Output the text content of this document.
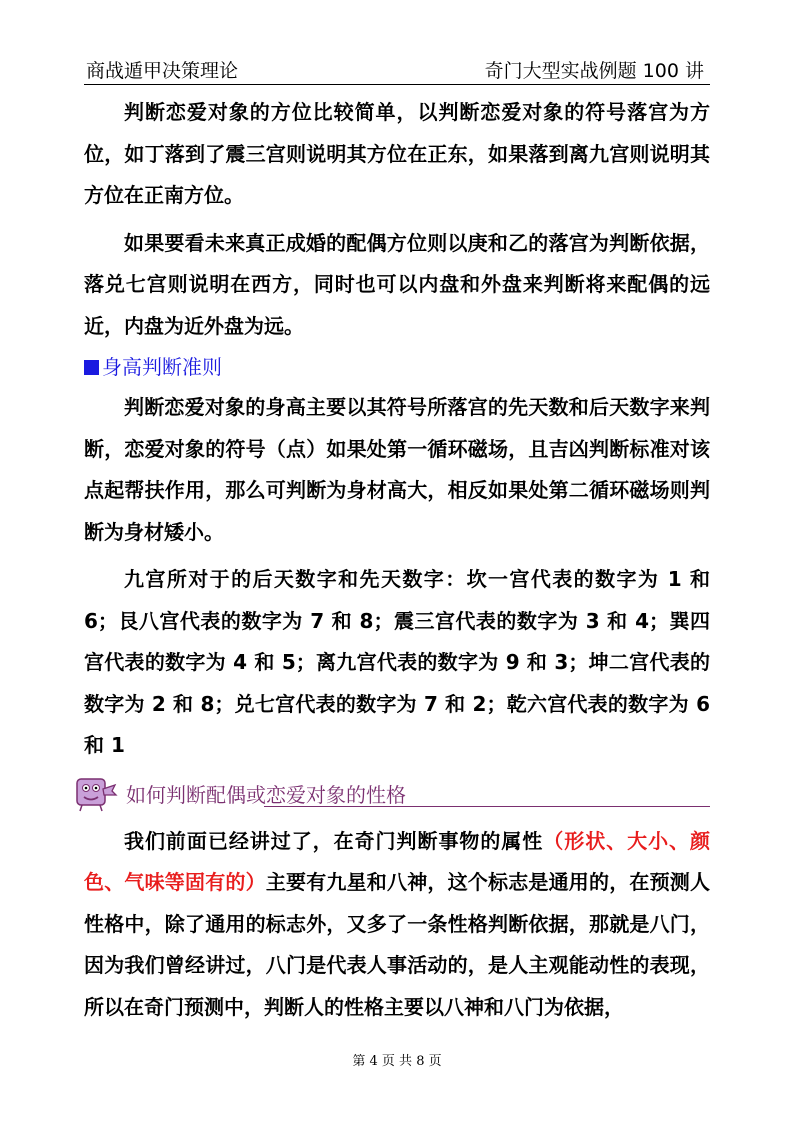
商战遁甲决策理论	奇门大型实战例题 100 讲

判断恋爱对象的方位比较简单，以判断恋爱对象的符号落宫为方位，如丁落到了震三宫则说明其方位在正东，如果落到离九宫则说明其方位在正南方位。

如果要看未来真正成婚的配偶方位则以庚和乙的落宫为判断依据，落兑七宫则说明在西方，同时也可以内盘和外盘来判断将来配偶的远近，内盘为近外盘为远。

身高判断准则

判断恋爱对象的身高主要以其符号所落宫的先天数和后天数字来判断，恋爱对象的符号（点）如果处第一循环磁场，且吉凶判断标准对该点起帮扶作用，那么可判断为身材高大，相反如果处第二循环磁场则判断为身材矮小。

九宫所对于的后天数字和先天数字：坎一宫代表的数字为 1 和 6；艮八宫代表的数字为 7 和 8；震三宫代表的数字为 3 和 4；巽四宫代表的数字为 4 和 5；离九宫代表的数字为 9 和 3；坤二宫代表的数字为 2 和 8；兑七宫代表的数字为 7 和 2；乾六宫代表的数字为 6 和 1

如何判断配偶或恋爱对象的性格

我们前面已经讲过了，在奇门判断事物的属性（形状、大小、颜色、气味等固有的）主要有九星和八神，这个标志是通用的，在预测人性格中，除了通用的标志外，又多了一条性格判断依据，那就是八门，因为我们曾经讲过，八门是代表人事活动的，是人主观能动性的表现，所以在奇门预测中，判断人的性格主要以八神和八门为依据，

第 4 页 共 8 页
